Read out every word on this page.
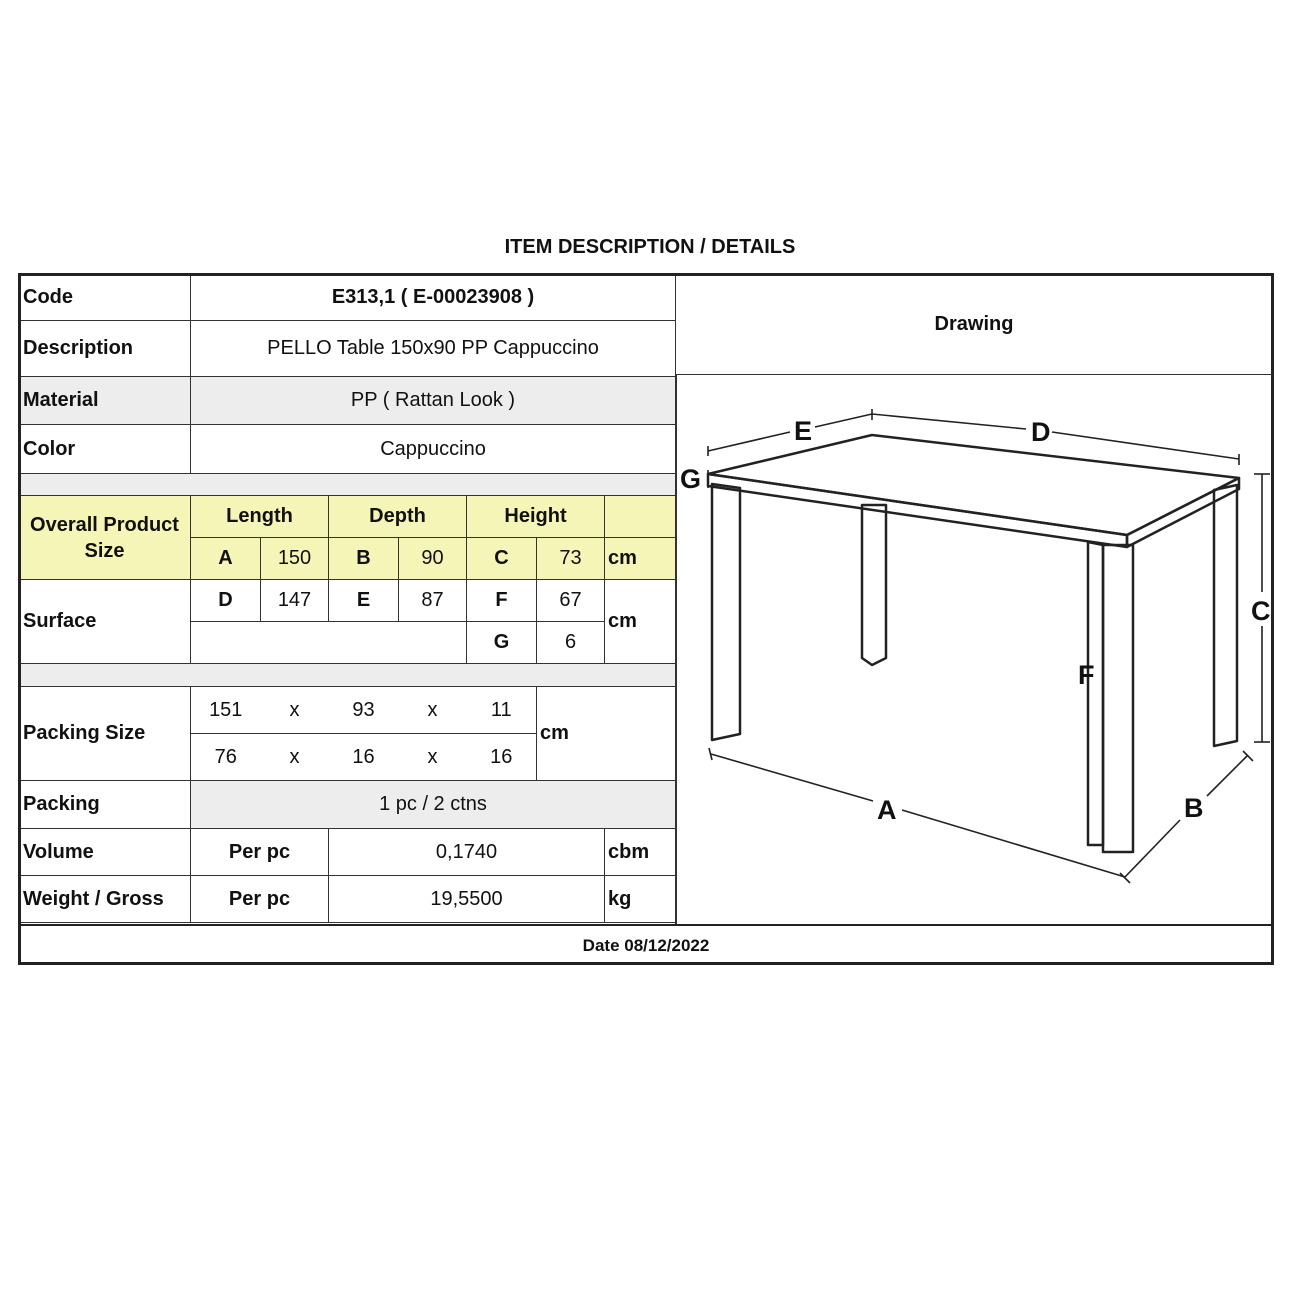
ITEM DESCRIPTION / DETAILS
Code	E313,1 ( E-00023908 )						
Description	PELLO Table 150x90 PP Cappuccino						
Material	PP ( Rattan Look )						
Color	Cappuccino						

Overall Product Size	Length		Depth		Height		
	A	150	B	90	C	73	cm
Surface	D	147	E	87	F	67	cm
					G	6	

Packing Size	151	x	93	x	11	cm	
	76	x	16	x	16		
Packing	1 pc / 2 ctns						
Volume	Per pc		0,1740				cbm
Weight / Gross	Per pc		19,5500				kg
Drawing
E	D
G
C
F
A	B
Date 08/12/2022
